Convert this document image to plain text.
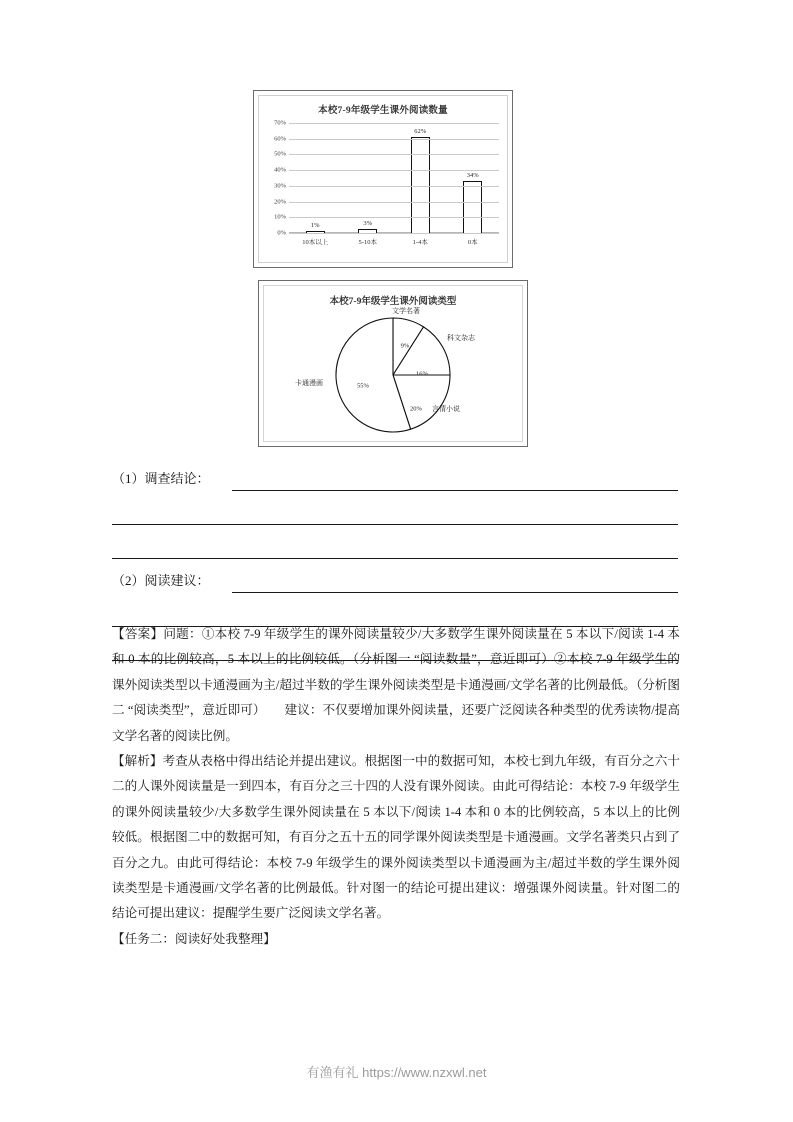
本校7-9年级学生课外阅读数量
1%	3%
62%
34%
0%
10%
20%
30%
40%
50%
60%
70%
10本以上	5-10本	1-4本	0本
本校7-9年级学生课外阅读类型
文学名著
科文杂志
言情小说
卡通漫画
9%
16%
20%
55%
（1）调查结论：
（2）阅读建议：

【答案】问题：①本校 7-9 年级学生的课外阅读量较少/大多数学生课外阅读量在 5 本以下/阅读 1-4 本和 0 本的比例较高，5 本以上的比例较低。（分析图一 “阅读数量”，意近即可）②本校 7-9 年级学生的课外阅读类型以卡通漫画为主/超过半数的学生课外阅读类型是卡通漫画/文学名著的比例最低。（分析图二 “阅读类型”，意近即可）　　建议：不仅要增加课外阅读量，还要广泛阅读各种类型的优秀读物/提高文学名著的阅读比例。

【解析】考查从表格中得出结论并提出建议。根据图一中的数据可知，本校七到九年级，有百分之六十二的人课外阅读量是一到四本，有百分之三十四的人没有课外阅读。由此可得结论：本校 7-9 年级学生的课外阅读量较少/大多数学生课外阅读量在 5 本以下/阅读 1-4 本和 0 本的比例较高，5 本以上的比例较低。根据图二中的数据可知，有百分之五十五的同学课外阅读类型是卡通漫画。文学名著类只占到了百分之九。由此可得结论：本校 7-9 年级学生的课外阅读类型以卡通漫画为主/超过半数的学生课外阅读类型是卡通漫画/文学名著的比例最低。针对图一的结论可提出建议：增强课外阅读量。针对图二的结论可提出建议：提醒学生要广泛阅读文学名著。

【任务二：阅读好处我整理】

有渔有礼 https://www.nzxwl.net
